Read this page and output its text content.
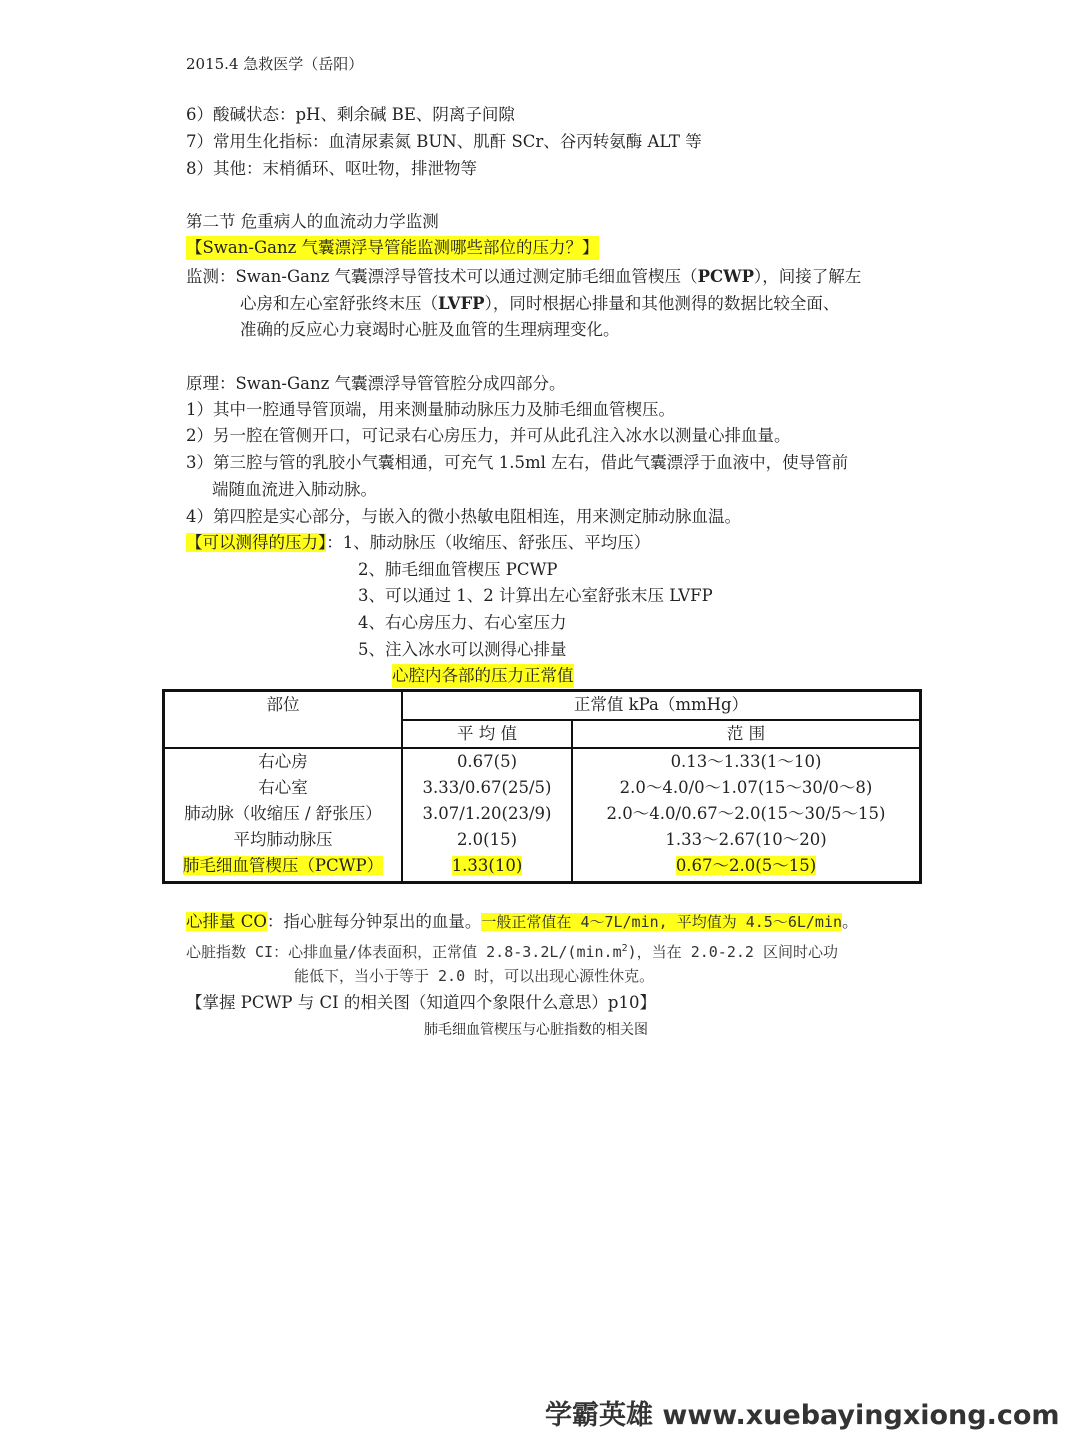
2015.4 急救医学（岳阳）
6）酸碱状态：pH、剩余碱 BE、阴离子间隙
7）常用生化指标：血清尿素氮 BUN、肌酐 SCr、谷丙转氨酶 ALT 等
8）其他：末梢循环、呕吐物，排泄物等
第二节 危重病人的血流动力学监测
【Swan-Ganz 气囊漂浮导管能监测哪些部位的压力？】
监测：Swan-Ganz 气囊漂浮导管技术可以通过测定肺毛细血管楔压（PCWP），间接了解左
心房和左心室舒张终末压（LVFP），同时根据心排量和其他测得的数据比较全面、
准确的反应心力衰竭时心脏及血管的生理病理变化。
原理：Swan-Ganz 气囊漂浮导管管腔分成四部分。
1）其中一腔通导管顶端，用来测量肺动脉压力及肺毛细血管楔压。
2）另一腔在管侧开口，可记录右心房压力，并可从此孔注入冰水以测量心排血量。
3）第三腔与管的乳胶小气囊相通，可充气 1.5ml 左右，借此气囊漂浮于血液中，使导管前
端随血流进入肺动脉。
4）第四腔是实心部分，与嵌入的微小热敏电阻相连，用来测定肺动脉血温。
【可以测得的压力】：1、肺动脉压（收缩压、舒张压、平均压）
2、肺毛细血管楔压 PCWP
3、可以通过 1、2 计算出左心室舒张末压 LVFP
4、右心房压力、右心室压力
5、注入冰水可以测得心排量
心腔内各部的压力正常值
部位	正常值 kPa（mmHg）	
	平 均 值	范 围
右心房	0.67(5)	0.13～1.33(1～10)
右心室	3.33/0.67(25/5)	2.0～4.0/0～1.07(15～30/0～8)
肺动脉（收缩压 / 舒张压）	3.07/1.20(23/9)	2.0～4.0/0.67～2.0(15～30/5～15)
平均肺动脉压	2.0(15)	1.33～2.67(10～20)
肺毛细血管楔压（PCWP）	1.33(10)	0.67～2.0(5～15)
心排量 CO：指心脏每分钟泵出的血量。一般正常值在 4～7L/min, 平均值为 4.5～6L/min。
心脏指数 CI：心排血量/体表面积，正常值 $2.8-3.2L/(\min.m^2)$，当在 2.0-2.2 区间时心功
能低下，当小于等于 2.0 时，可以出现心源性休克。
【掌握 PCWP 与 CI 的相关图（知道四个象限什么意思）p10】
肺毛细血管楔压与心脏指数的相关图
学霸英雄 www.xuebayingxiong.com
